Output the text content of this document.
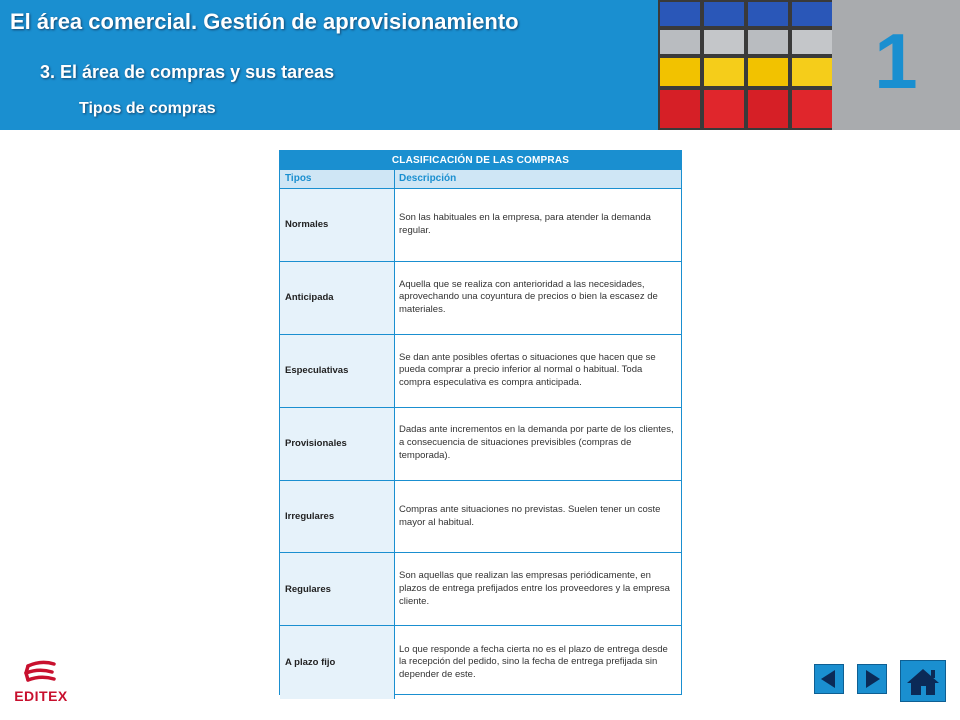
El área comercial. Gestión de aprovisionamiento
3. El área de compras y sus tareas
Tipos de compras
1
CLASIFICACIÓN DE LAS COMPRAS
Tipos	Descripción
Normales
Son las habituales en la empresa, para atender la demanda regular.
Anticipada
Aquella que se realiza con anterioridad a las necesidades, aprovechando una coyuntura de precios o bien la escasez de materiales.
Especulativas
Se dan ante posibles ofertas o situaciones que hacen que se pueda comprar a precio inferior al normal o habitual. Toda compra especulativa es compra anticipada.
Provisionales
Dadas ante incrementos en la demanda por parte de los clientes, a consecuencia de situaciones previsibles (compras de temporada).
Irregulares
Compras ante situaciones no previstas. Suelen tener un coste mayor al habitual.
Regulares
Son aquellas que realizan las empresas periódicamente, en plazos de entrega prefijados entre los proveedores y la empresa cliente.
A plazo fijo
Lo que responde a fecha cierta no es el plazo de entrega desde la recepción del pedido, sino la fecha de entrega prefijada sin depender de este.
EDITEX
